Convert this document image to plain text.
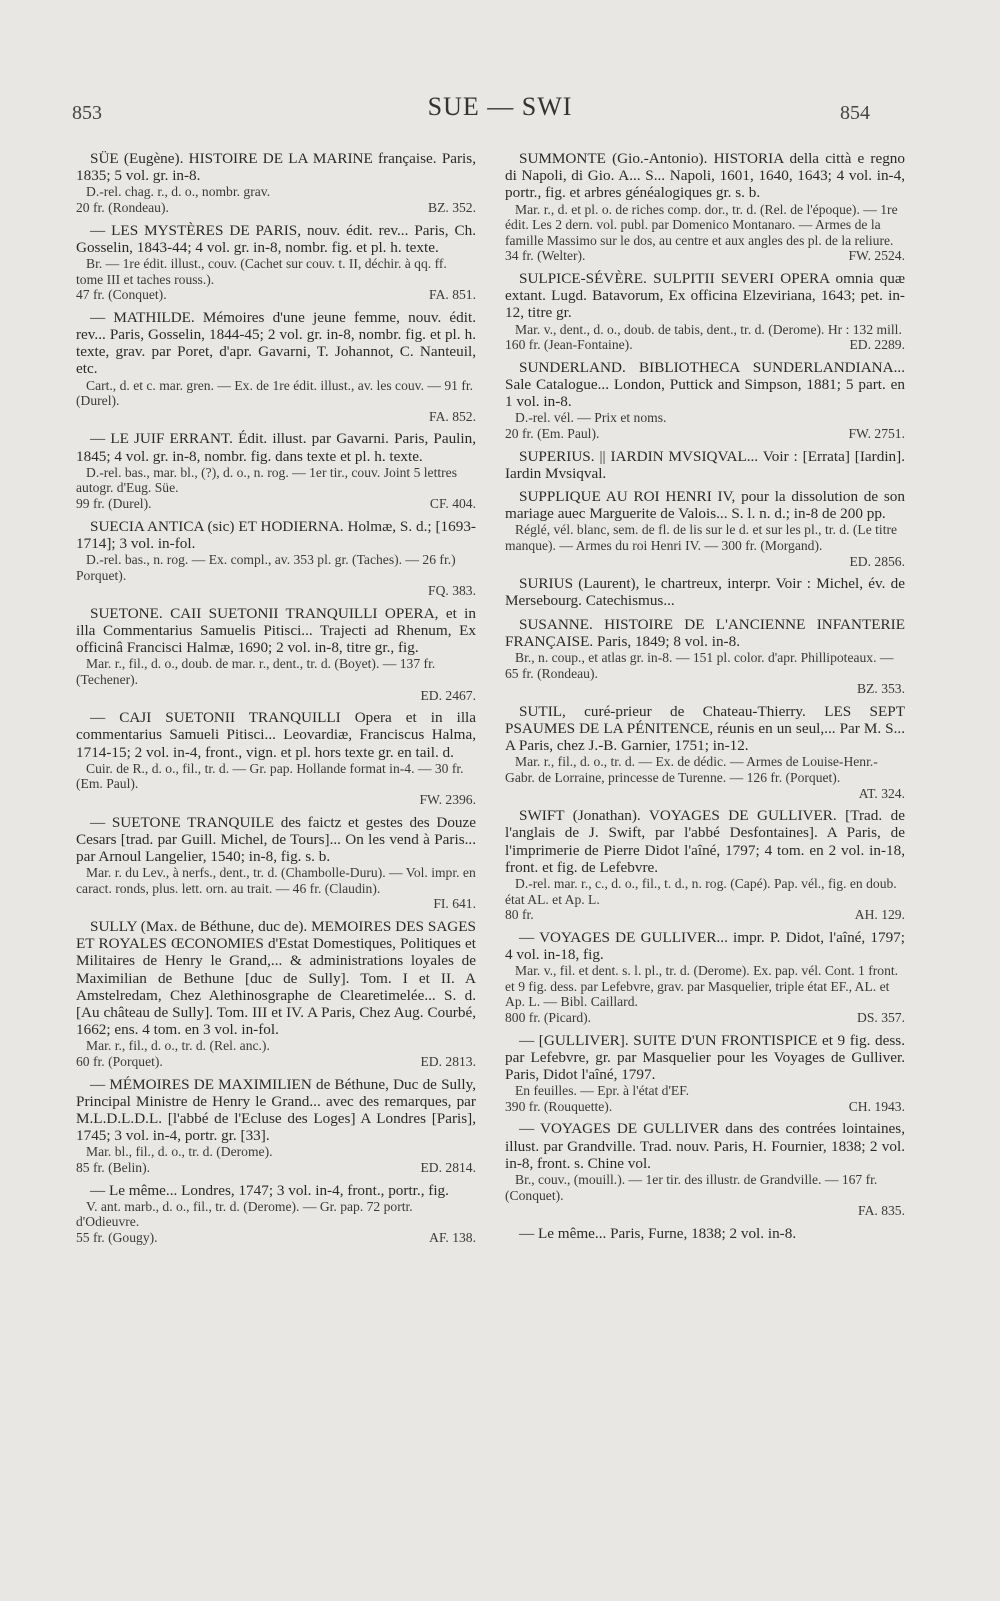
853	SUE — SWI	854

SÜE (Eugène). HISTOIRE DE LA MARINE française. Paris, 1835; 5 vol. gr. in-8.

D.-rel. chag. r., d. o., nombr. grav.

20 fr. (Rondeau).	BZ. 352.

— LES MYSTÈRES DE PARIS, nouv. édit. rev... Paris, Ch. Gosselin, 1843-44; 4 vol. gr. in-8, nombr. fig. et pl. h. texte.

Br. — 1re édit. illust., couv. (Cachet sur couv. t. II, déchir. à qq. ff. tome III et taches rouss.).

47 fr. (Conquet).	FA. 851.

— MATHILDE. Mémoires d'une jeune femme, nouv. édit. rev... Paris, Gosselin, 1844-45; 2 vol. gr. in-8, nombr. fig. et pl. h. texte, grav. par Poret, d'apr. Gavarni, T. Johannot, C. Nanteuil, etc.

Cart., d. et c. mar. gren. — Ex. de 1re édit. illust., av. les couv. — 91 fr. (Durel).

FA. 852.

— LE JUIF ERRANT. Édit. illust. par Gavarni. Paris, Paulin, 1845; 4 vol. gr. in-8, nombr. fig. dans texte et pl. h. texte.

D.-rel. bas., mar. bl., (?), d. o., n. rog. — 1er tir., couv. Joint 5 lettres autogr. d'Eug. Süe.

99 fr. (Durel).	CF. 404.

SUECIA ANTICA (sic) ET HODIERNA. Holmæ, S. d.; [1693-1714]; 3 vol. in-fol.

D.-rel. bas., n. rog. — Ex. compl., av. 353 pl. gr. (Taches). — 26 fr.) Porquet).

FQ. 383.

SUETONE. CAII SUETONII TRANQUILLI OPERA, et in illa Commentarius Samuelis Pitisci... Trajecti ad Rhenum, Ex officinâ Francisci Halmæ, 1690; 2 vol. in-8, titre gr., fig.

Mar. r., fil., d. o., doub. de mar. r., dent., tr. d. (Boyet). — 137 fr. (Techener).

ED. 2467.

— CAJI SUETONII TRANQUILLI Opera et in illa commentarius Samueli Pitisci... Leovardiæ, Franciscus Halma, 1714-15; 2 vol. in-4, front., vign. et pl. hors texte gr. en tail. d.

Cuir. de R., d. o., fil., tr. d. — Gr. pap. Hollande format in-4. — 30 fr. (Em. Paul).

FW. 2396.

— SUETONE TRANQUILE des faictz et gestes des Douze Cesars [trad. par Guill. Michel, de Tours]... On les vend à Paris... par Arnoul Langelier, 1540; in-8, fig. s. b.

Mar. r. du Lev., à nerfs., dent., tr. d. (Chambolle-Duru). — Vol. impr. en caract. ronds, plus. lett. orn. au trait. — 46 fr. (Claudin).

FI. 641.

SULLY (Max. de Béthune, duc de). MEMOIRES DES SAGES ET ROYALES ŒCONOMIES d'Estat Domestiques, Politiques et Militaires de Henry le Grand,... & administrations loyales de Maximilian de Bethune [duc de Sully]. Tom. I et II. A Amstelredam, Chez Alethinosgraphe de Clearetimelée... S. d. [Au château de Sully]. Tom. III et IV. A Paris, Chez Aug. Courbé, 1662; ens. 4 tom. en 3 vol. in-fol.

Mar. r., fil., d. o., tr. d. (Rel. anc.).

60 fr. (Porquet).	ED. 2813.

— MÉMOIRES DE MAXIMILIEN de Béthune, Duc de Sully, Principal Ministre de Henry le Grand... avec des remarques, par M.L.D.L.D.L. [l'abbé de l'Ecluse des Loges] A Londres [Paris], 1745; 3 vol. in-4, portr. gr. [33].

Mar. bl., fil., d. o., tr. d. (Derome).

85 fr. (Belin).	ED. 2814.

— Le même... Londres, 1747; 3 vol. in-4, front., portr., fig.

V. ant. marb., d. o., fil., tr. d. (Derome). — Gr. pap. 72 portr. d'Odieuvre.

55 fr. (Gougy).	AF. 138.

SUMMONTE (Gio.-Antonio). HISTORIA della città e regno di Napoli, di Gio. A... S... Napoli, 1601, 1640, 1643; 4 vol. in-4, portr., fig. et arbres généalogiques gr. s. b.

Mar. r., d. et pl. o. de riches comp. dor., tr. d. (Rel. de l'époque). — 1re édit. Les 2 dern. vol. publ. par Domenico Montanaro. — Armes de la famille Massimo sur le dos, au centre et aux angles des pl. de la reliure.

34 fr. (Welter).	FW. 2524.

SULPICE-SÉVÈRE. SULPITII SEVERI OPERA omnia quæ extant. Lugd. Batavorum, Ex officina Elzeviriana, 1643; pet. in-12, titre gr.

Mar. v., dent., d. o., doub. de tabis, dent., tr. d. (Derome). Hr : 132 mill.

160 fr. (Jean-Fontaine).	ED. 2289.

SUNDERLAND. BIBLIOTHECA SUNDERLANDIANA... Sale Catalogue... London, Puttick and Simpson, 1881; 5 part. en 1 vol. in-8.

D.-rel. vél. — Prix et noms.

20 fr. (Em. Paul).	FW. 2751.

SUPERIUS. || IARDIN MVSIQVAL... Voir : [Errata] [Iardin]. Iardin Mvsiqval.

SUPPLIQUE AU ROI HENRI IV, pour la dissolution de son mariage auec Marguerite de Valois... S. l. n. d.; in-8 de 200 pp.

Réglé, vél. blanc, sem. de fl. de lis sur le d. et sur les pl., tr. d. (Le titre manque). — Armes du roi Henri IV. — 300 fr. (Morgand).

ED. 2856.

SURIUS (Laurent), le chartreux, interpr. Voir : Michel, év. de Mersebourg. Catechismus...

SUSANNE. HISTOIRE DE L'ANCIENNE INFANTERIE FRANÇAISE. Paris, 1849; 8 vol. in-8.

Br., n. coup., et atlas gr. in-8. — 151 pl. color. d'apr. Phillipoteaux. — 65 fr. (Rondeau).

BZ. 353.

SUTIL, curé-prieur de Chateau-Thierry. LES SEPT PSAUMES DE LA PÉNITENCE, réunis en un seul,... Par M. S... A Paris, chez J.-B. Garnier, 1751; in-12.

Mar. r., fil., d. o., tr. d. — Ex. de dédic. — Armes de Louise-Henr.-Gabr. de Lorraine, princesse de Turenne. — 126 fr. (Porquet).

AT. 324.

SWIFT (Jonathan). VOYAGES DE GULLIVER. [Trad. de l'anglais de J. Swift, par l'abbé Desfontaines]. A Paris, de l'imprimerie de Pierre Didot l'aîné, 1797; 4 tom. en 2 vol. in-18, front. et fig. de Lefebvre.

D.-rel. mar. r., c., d. o., fil., t. d., n. rog. (Capé). Pap. vél., fig. en doub. état AL. et Ap. L.

80 fr.	AH. 129.

— VOYAGES DE GULLIVER... impr. P. Didot, l'aîné, 1797; 4 vol. in-18, fig.

Mar. v., fil. et dent. s. l. pl., tr. d. (Derome). Ex. pap. vél. Cont. 1 front. et 9 fig. dess. par Lefebvre, grav. par Masquelier, triple état EF., AL. et Ap. L. — Bibl. Caillard.

800 fr. (Picard).	DS. 357.

— [GULLIVER]. SUITE D'UN FRONTISPICE et 9 fig. dess. par Lefebvre, gr. par Masquelier pour les Voyages de Gulliver. Paris, Didot l'aîné, 1797.

En feuilles. — Epr. à l'état d'EF.

390 fr. (Rouquette).	CH. 1943.

— VOYAGES DE GULLIVER dans des contrées lointaines, illust. par Grandville. Trad. nouv. Paris, H. Fournier, 1838; 2 vol. in-8, front. s. Chine vol.

Br., couv., (mouill.). — 1er tir. des illustr. de Grandville. — 167 fr. (Conquet).

FA. 835.

— Le même... Paris, Furne, 1838; 2 vol. in-8.
